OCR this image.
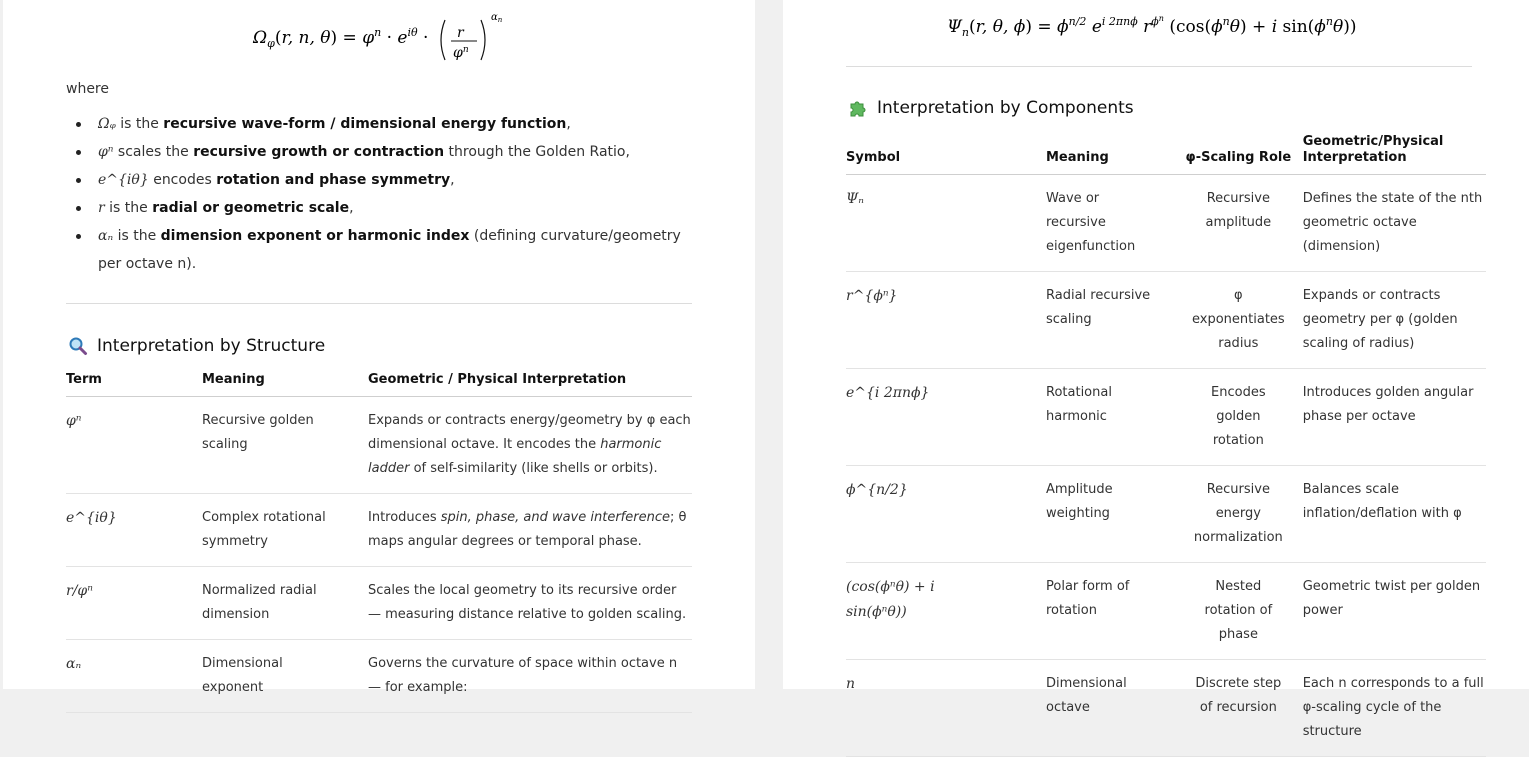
$\Omega_\varphi(r$, n, $\theta) = \varphi^n \cdot e^{i\theta} \cdot r$
$\varphi^n$
$\alpha_n$
where
Ωᵩ is the recursive wave-form / dimensional energy function,
φⁿ scales the recursive growth or contraction through the Golden Ratio,
e^{iθ} encodes rotation and phase symmetry,
r is the radial or geometric scale,
αₙ is the dimension exponent or harmonic index (defining curvature/geometry per octave n).
Interpretation by Structure
Term	Meaning	Geometric / Physical Interpretation
φⁿ	Recursive golden scaling	Expands or contracts energy/geometry by φ each dimensional octave. It encodes the harmonic ladder of self-similarity (like shells or orbits).
e^{iθ}	Complex rotational symmetry	Introduces spin, phase, and wave interference; θ maps angular degrees or temporal phase.
r/φⁿ	Normalized radial dimension	Scales the local geometry to its recursive order — measuring distance relative to golden scaling.
αₙ	Dimensional exponent	Governs the curvature of space within octave n — for example:
$\Psi_n(r$, θ, $\phi) = \phi^{n/2}$ $e^{i 2\pi n\phi}$ $r^{\phi n}$ ($\cos(\phi^n\theta) + i$ $\sin(\phi^n\theta)$)
Interpretation by Components
Symbol	Meaning	φ-Scaling Role	Geometric/Physical Interpretation
Ψₙ	Wave or recursive eigenfunction	Recursive amplitude	Defines the state of the nth geometric octave (dimension)
r^{ϕⁿ}	Radial recursive scaling	φ exponentiates radius	Expands or contracts geometry per φ (golden scaling of radius)
e^{i 2πnϕ}	Rotational harmonic	Encodes golden rotation	Introduces golden angular phase per octave
ϕ^{n/2}	Amplitude weighting	Recursive energy normalization	Balances scale inflation/deflation with φ
(cos(ϕⁿθ) + i sin(ϕⁿθ))	Polar form of rotation	Nested rotation of phase	Geometric twist per golden power
n	Dimensional octave	Discrete step of recursion	Each n corresponds to a full φ-scaling cycle of the structure
